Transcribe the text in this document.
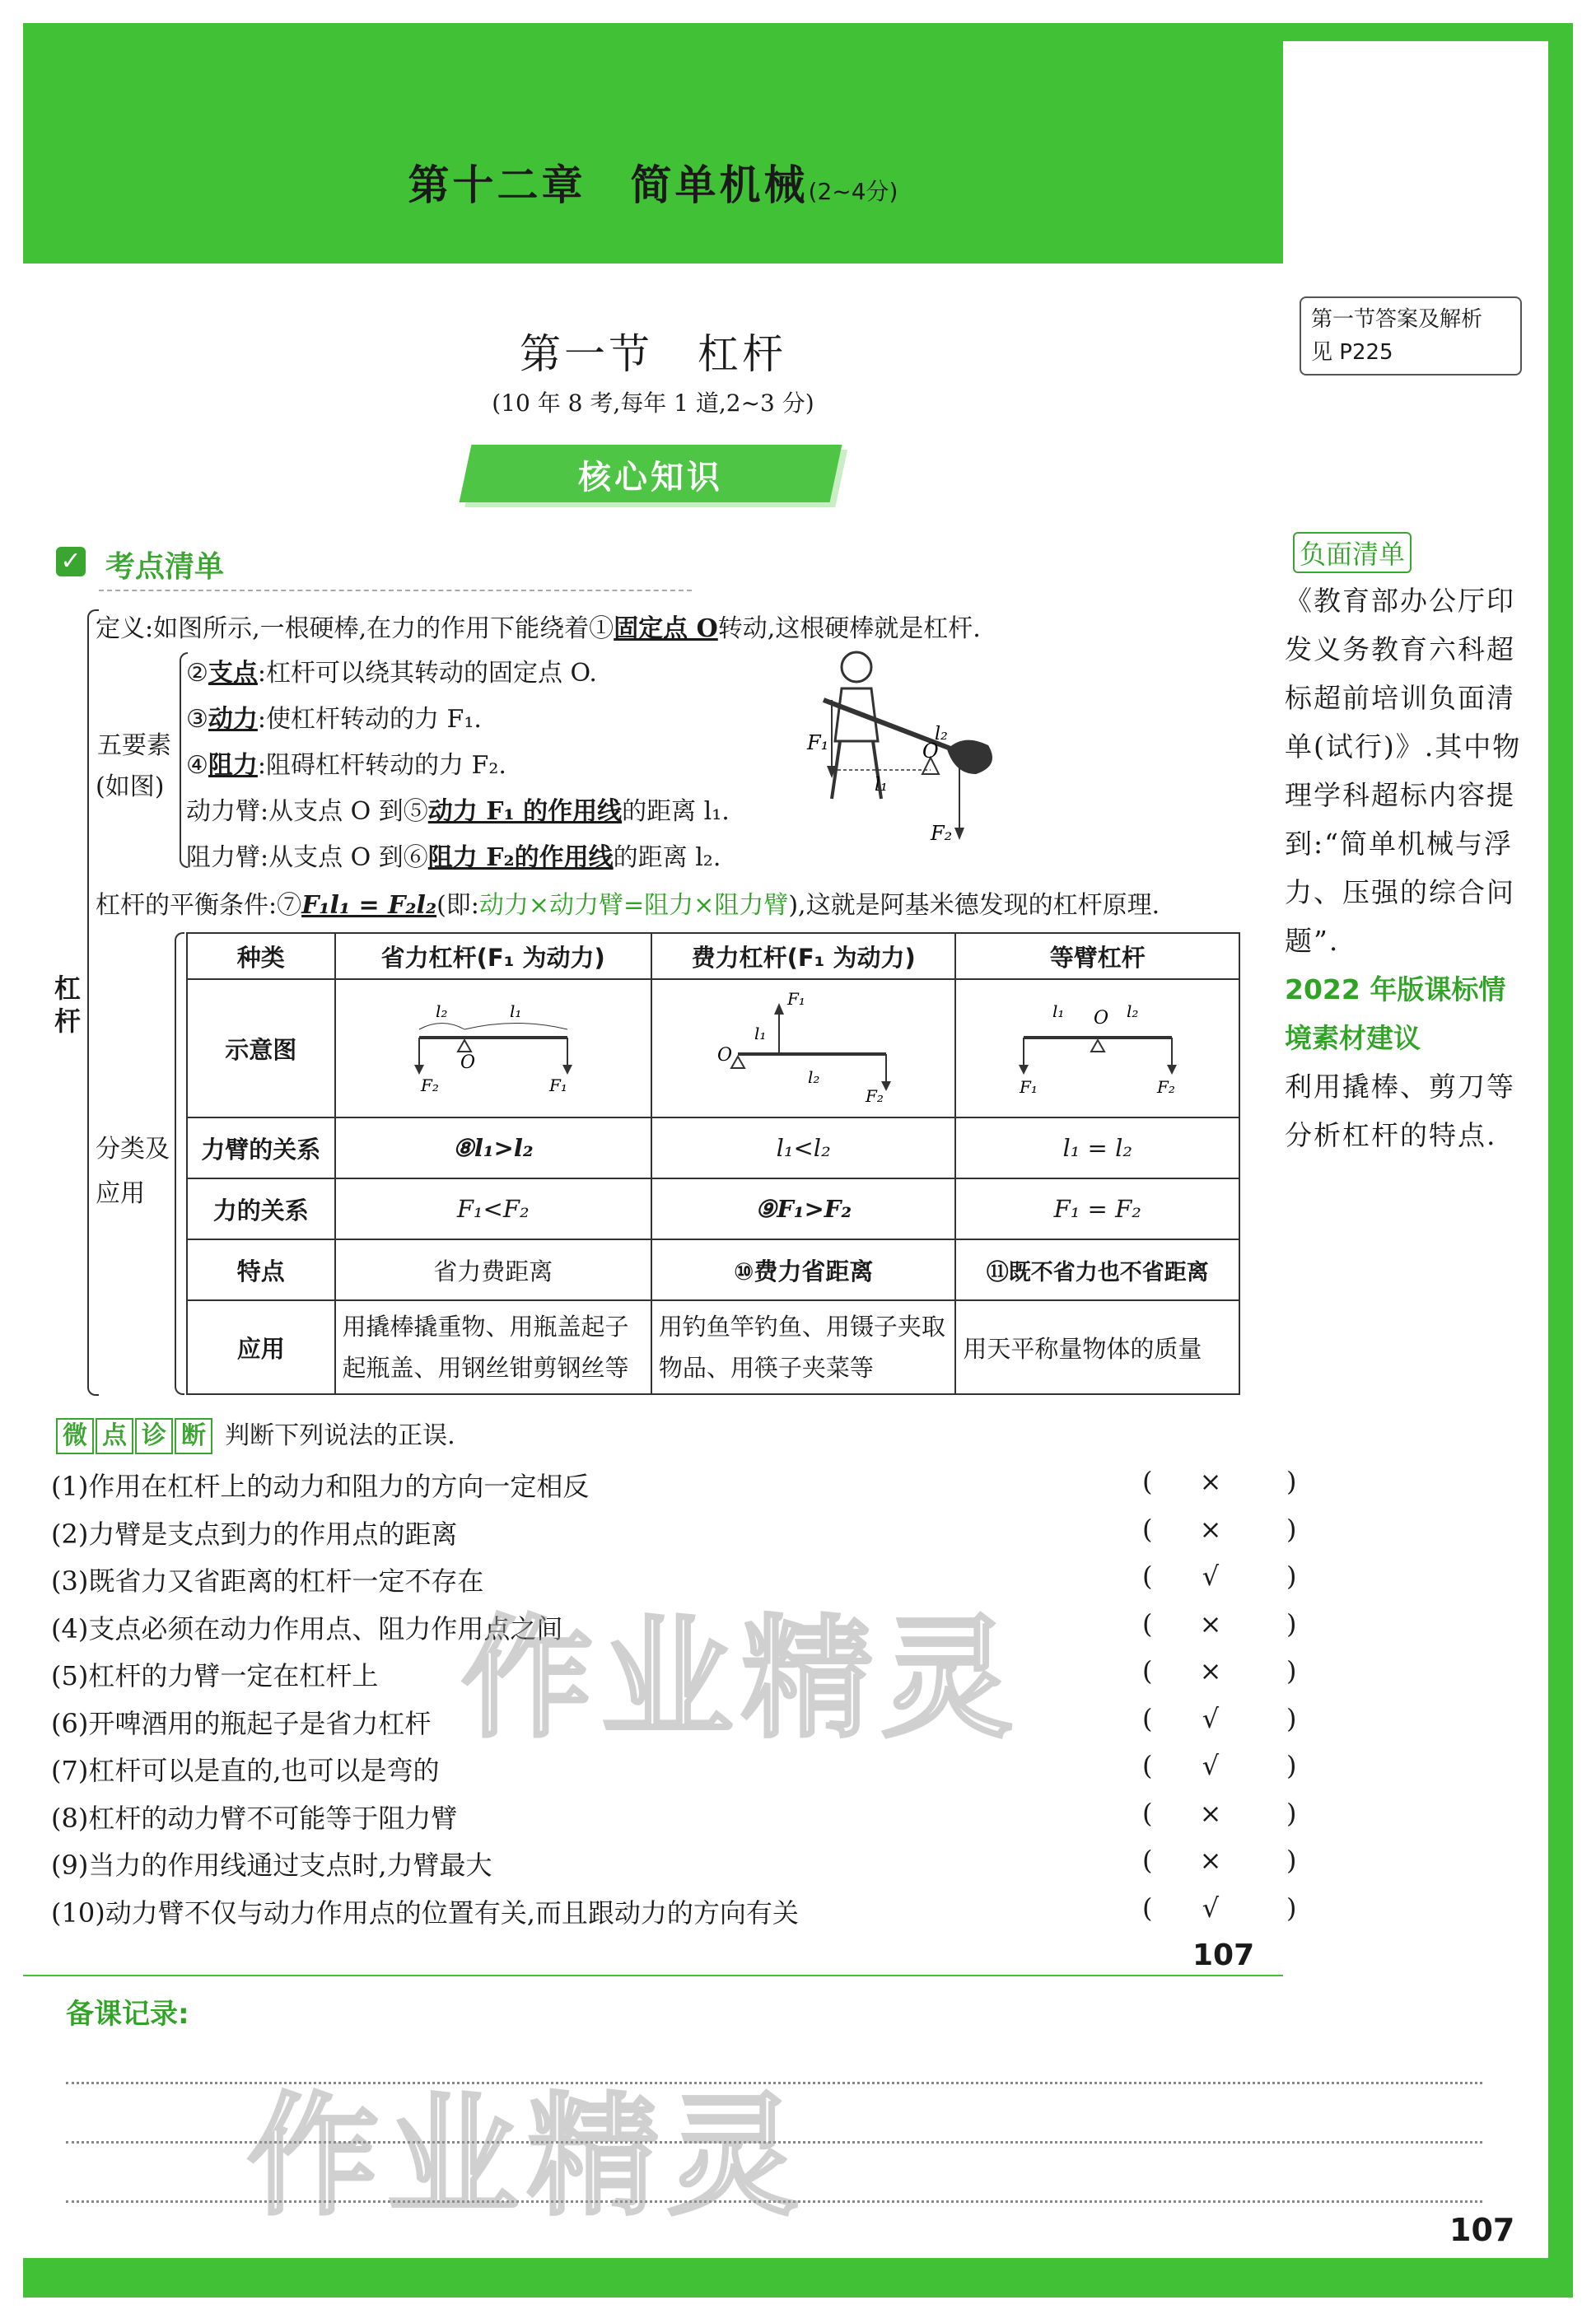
第十二章　简单机械(2~4分)
第一节　杠杆
(10 年 8 考,每年 1 道,2~3 分)
核心知识
✓ 考点清单
杠杆
定义:如图所示,一根硬棒,在力的作用下能绕着①固定点 O转动,这根硬棒就是杠杆.
五要素
(如图)
②支点:杠杆可以绕其转动的固定点 O.
③动力:使杠杆转动的力 F₁.
④阻力:阻碍杠杆转动的力 F₂.
动力臂:从支点 O 到⑤动力 F₁ 的作用线的距离 l₁.
阻力臂:从支点 O 到⑥阻力 F₂的作用线的距离 l₂.
F₁	O
l₂
l₁
F₂
杠杆的平衡条件:⑦F₁l₁ = F₂l₂(即:动力×动力臂=阻力×阻力臂),这就是阿基米德发现的杠杆原理.
分类及
应用
种类	省力杠杆(F₁ 为动力)	费力杠杆(F₁ 为动力)	等臂杠杆
示意图	l₂ l₁
O
F₂ F₁	O
F₁
l₁
l₂
F₂	l₁ O l₂
F₁ F₂

力臂的关系	⑧l₁>l₂	l₁<l₂	l₁ = l₂
力的关系	F₁<F₂	⑨F₁>F₂	F₁ = F₂
特点	省力费距离	⑩费力省距离	⑪既不省力也不省距离
应用	用撬棒撬重物、用瓶盖起子起瓶盖、用钢丝钳剪钢丝等	用钓鱼竿钓鱼、用镊子夹取物品、用筷子夹菜等	用天平称量物体的质量
微 点 诊 断 判断下列说法的正误.
(1)作用在杠杆上的动力和阻力的方向一定相反	(	×	)
(2)力臂是支点到力的作用点的距离	(	×	)
(3)既省力又省距离的杠杆一定不存在	(	√	)
(4)支点必须在动力作用点、阻力作用点之间	(	×	)
(5)杠杆的力臂一定在杠杆上	(	×	)
(6)开啤酒用的瓶起子是省力杠杆	(	√	)
(7)杠杆可以是直的,也可以是弯的	(	√	)
(8)杠杆的动力臂不可能等于阻力臂	(	×	)
(9)当力的作用线通过支点时,力臂最大	(	×	)
(10)动力臂不仅与动力作用点的位置有关,而且跟动力的方向有关	(	√	)
107
备课记录:
107
作业精灵
作业精灵
第一节答案及解析
见 P225
负面清单
《教育部办公厅印发义务教育六科超标超前培训负面清单(试行)》.其中物理学科超标内容提到:“简单机械与浮力、压强的综合问题”.
2022 年版课标情境素材建议
利用撬棒、剪刀等分析杠杆的特点.
